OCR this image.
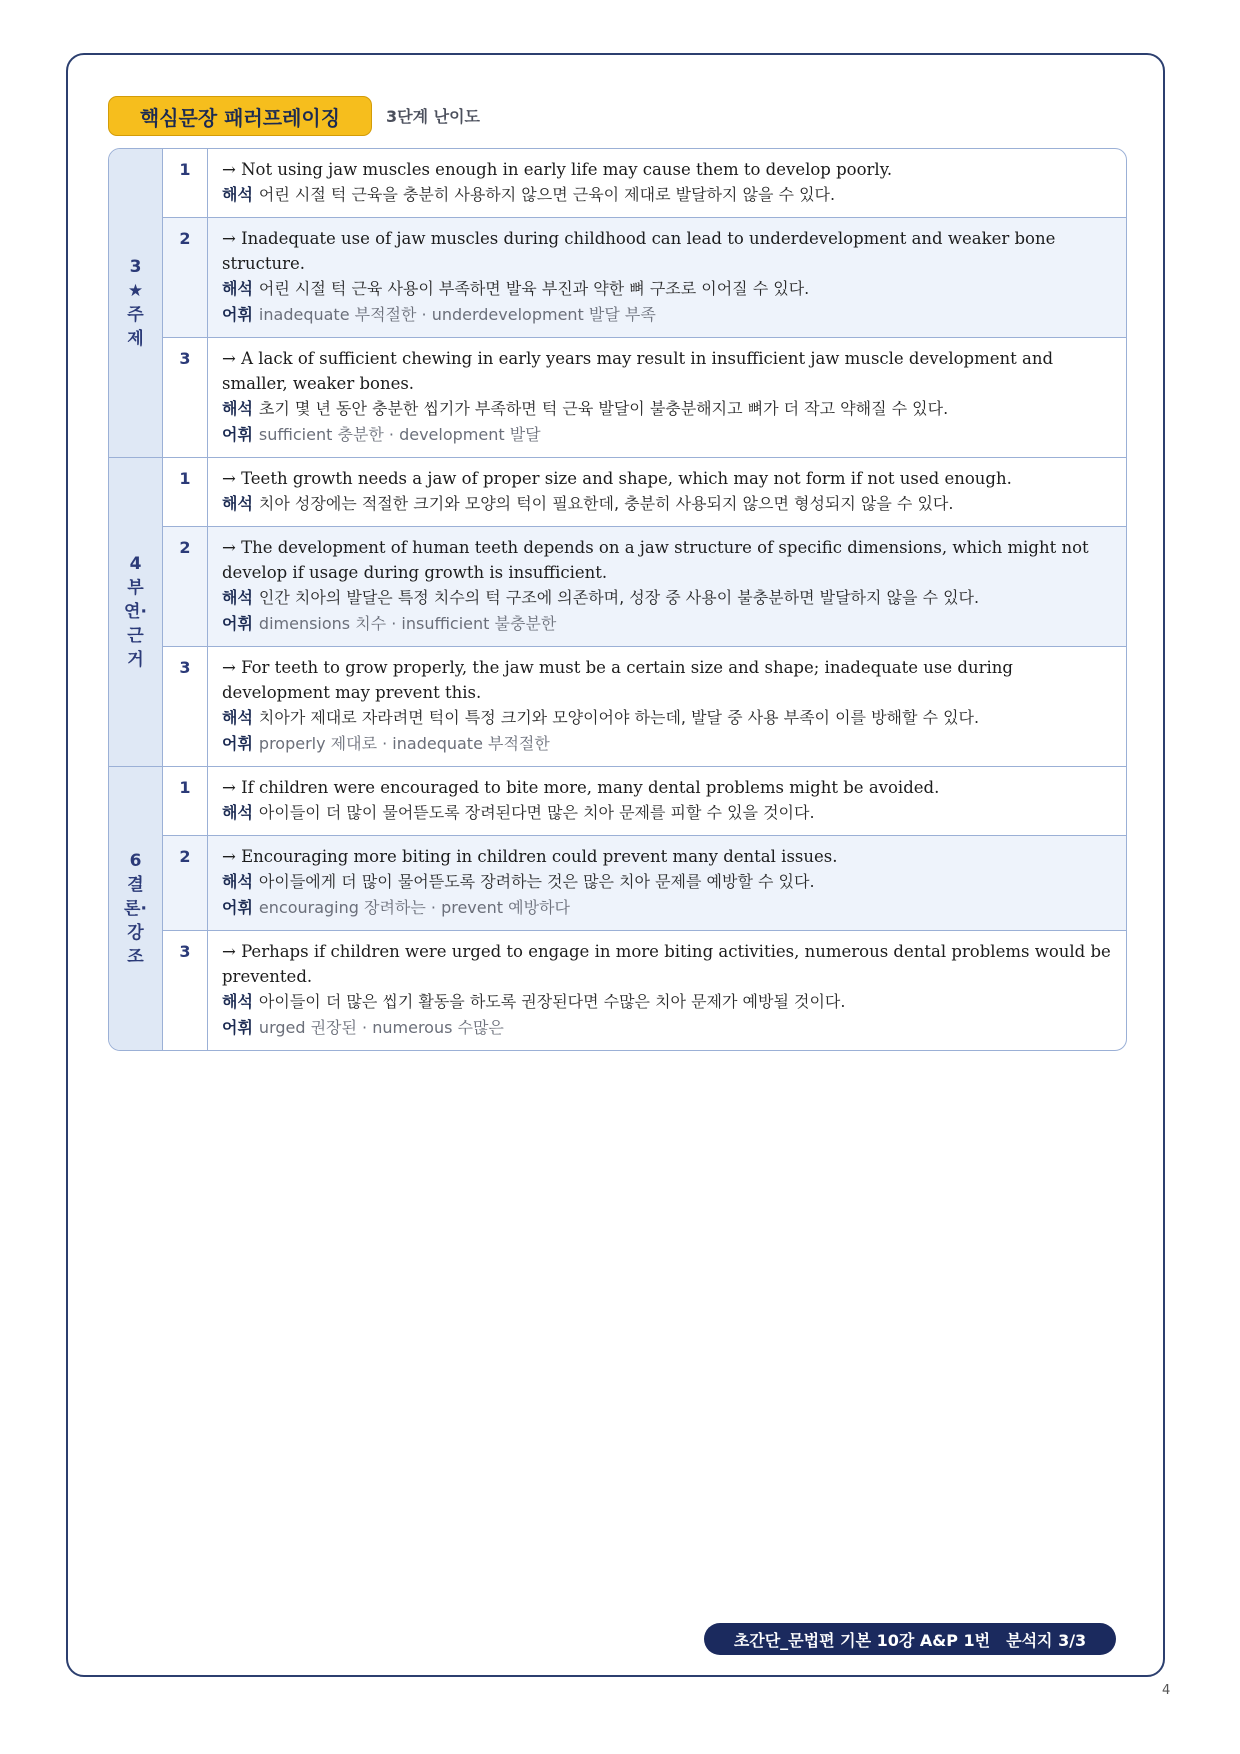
핵심문장 패러프레이징	3단계 난이도
3
★
주
제
1	→ Not using jaw muscles enough in early life may cause them to develop poorly.
해석 어린 시절 턱 근육을 충분히 사용하지 않으면 근육이 제대로 발달하지 않을 수 있다.
2	→ Inadequate use of jaw muscles during childhood can lead to underdevelopment and weaker bone structure.
해석 어린 시절 턱 근육 사용이 부족하면 발육 부진과 약한 뼈 구조로 이어질 수 있다.
어휘 inadequate 부적절한 · underdevelopment 발달 부족
3	→ A lack of sufficient chewing in early years may result in insufficient jaw muscle development and smaller, weaker bones.
해석 초기 몇 년 동안 충분한 씹기가 부족하면 턱 근육 발달이 불충분해지고 뼈가 더 작고 약해질 수 있다.
어휘 sufficient 충분한 · development 발달
4
부
연·
근
거
1	→ Teeth growth needs a jaw of proper size and shape, which may not form if not used enough.
해석 치아 성장에는 적절한 크기와 모양의 턱이 필요한데, 충분히 사용되지 않으면 형성되지 않을 수 있다.
2	→ The development of human teeth depends on a jaw structure of specific dimensions, which might not develop if usage during growth is insufficient.
해석 인간 치아의 발달은 특정 치수의 턱 구조에 의존하며, 성장 중 사용이 불충분하면 발달하지 않을 수 있다.
어휘 dimensions 치수 · insufficient 불충분한
3	→ For teeth to grow properly, the jaw must be a certain size and shape; inadequate use during development may prevent this.
해석 치아가 제대로 자라려면 턱이 특정 크기와 모양이어야 하는데, 발달 중 사용 부족이 이를 방해할 수 있다.
어휘 properly 제대로 · inadequate 부적절한
6
결
론·
강
조
1	→ If children were encouraged to bite more, many dental problems might be avoided.
해석 아이들이 더 많이 물어뜯도록 장려된다면 많은 치아 문제를 피할 수 있을 것이다.
2	→ Encouraging more biting in children could prevent many dental issues.
해석 아이들에게 더 많이 물어뜯도록 장려하는 것은 많은 치아 문제를 예방할 수 있다.
어휘 encouraging 장려하는 · prevent 예방하다
3	→ Perhaps if children were urged to engage in more biting activities, numerous dental problems would be prevented.
해석 아이들이 더 많은 씹기 활동을 하도록 권장된다면 수많은 치아 문제가 예방될 것이다.
어휘 urged 권장된 · numerous 수많은
초간단_문법편 기본 10강 A&P 1번 분석지 3/3
4
